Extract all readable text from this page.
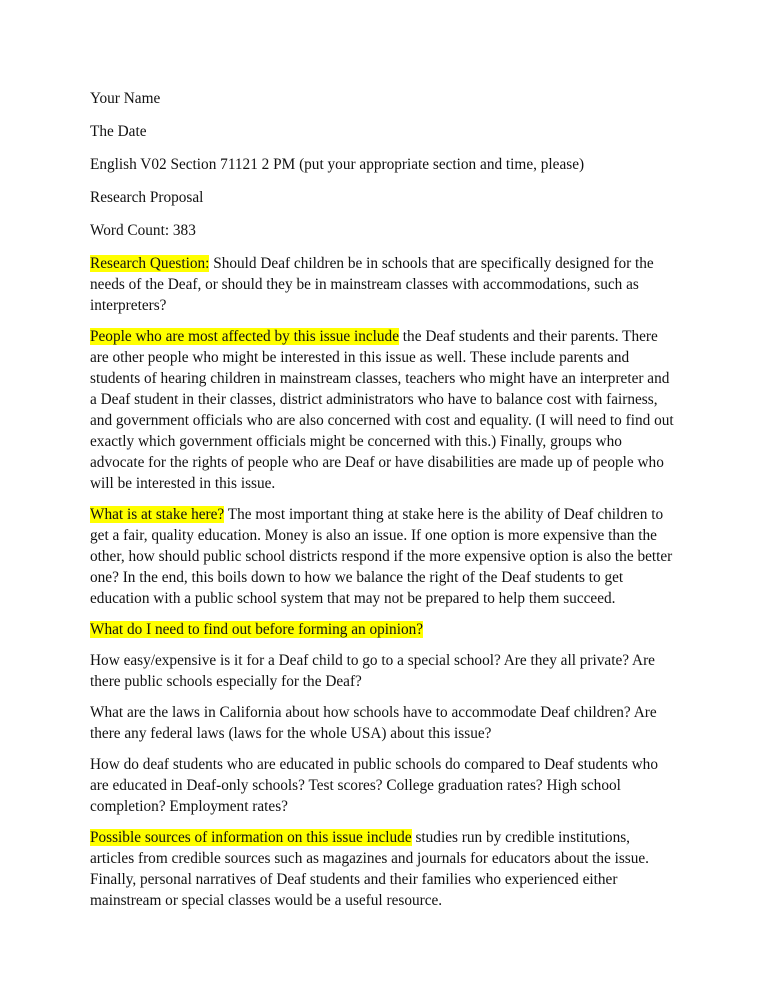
Your Name

The Date

English V02 Section 71121 2 PM (put your appropriate section and time, please)

Research Proposal

Word Count: 383

Research Question: Should Deaf children be in schools that are specifically designed for the needs of the Deaf, or should they be in mainstream classes with accommodations, such as interpreters?

People who are most affected by this issue include the Deaf students and their parents. There are other people who might be interested in this issue as well. These include parents and students of hearing children in mainstream classes, teachers who might have an interpreter and a Deaf student in their classes, district administrators who have to balance cost with fairness, and government officials who are also concerned with cost and equality. (I will need to find out exactly which government officials might be concerned with this.) Finally, groups who advocate for the rights of people who are Deaf or have disabilities are made up of people who will be interested in this issue.

What is at stake here? The most important thing at stake here is the ability of Deaf children to get a fair, quality education. Money is also an issue. If one option is more expensive than the other, how should public school districts respond if the more expensive option is also the better one? In the end, this boils down to how we balance the right of the Deaf students to get education with a public school system that may not be prepared to help them succeed.

What do I need to find out before forming an opinion?

How easy/expensive is it for a Deaf child to go to a special school? Are they all private? Are there public schools especially for the Deaf?

What are the laws in California about how schools have to accommodate Deaf children? Are there any federal laws (laws for the whole USA) about this issue?

How do deaf students who are educated in public schools do compared to Deaf students who are educated in Deaf-only schools? Test scores? College graduation rates? High school completion? Employment rates?

Possible sources of information on this issue include studies run by credible institutions, articles from credible sources such as magazines and journals for educators about the issue. Finally, personal narratives of Deaf students and their families who experienced either mainstream or special classes would be a useful resource.
